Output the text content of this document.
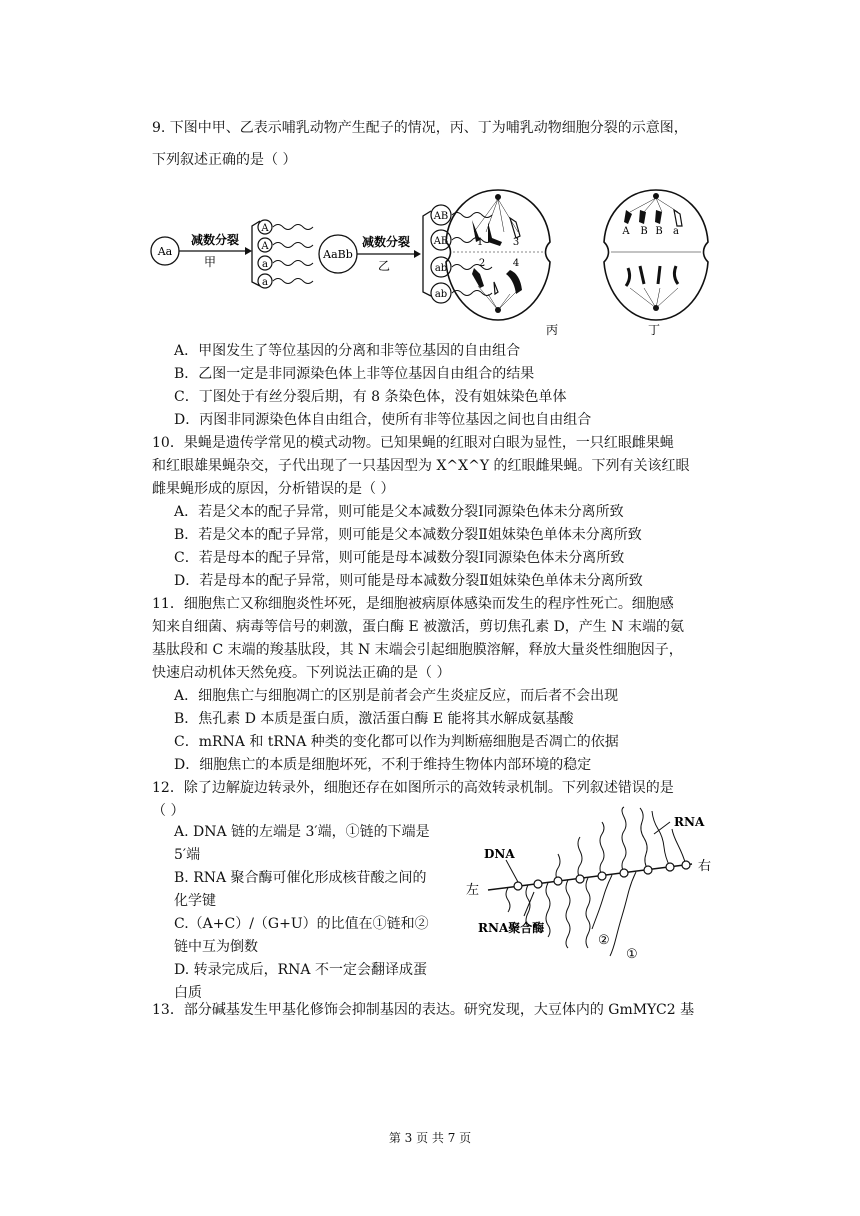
9. 下图中甲、乙表示哺乳动物产生配子的情况，丙、丁为哺乳动物细胞分裂的示意图，
下列叙述正确的是（ ）
Aa
减数分裂
甲
A
A
a
a
AaBb
减数分裂
乙
AB
AB
ab
ab
1	3
2	4
丙
A B B a
丁
A．甲图发生了等位基因的分离和非等位基因的自由组合
B．乙图一定是非同源染色体上非等位基因自由组合的结果
C．丁图处于有丝分裂后期，有 8 条染色体，没有姐妹染色单体
D．丙图非同源染色体自由组合，使所有非等位基因之间也自由组合
10．果蝇是遗传学常见的模式动物。已知果蝇的红眼对白眼为显性，一只红眼雌果蝇
和红眼雄果蝇杂交，子代出现了一只基因型为 X^X^Y 的红眼雌果蝇。下列有关该红眼
雌果蝇形成的原因，分析错误的是（ ）
A．若是父本的配子异常，则可能是父本减数分裂Ⅰ同源染色体未分离所致
B．若是父本的配子异常，则可能是父本减数分裂Ⅱ姐妹染色单体未分离所致
C．若是母本的配子异常，则可能是母本减数分裂Ⅰ同源染色体未分离所致
D．若是母本的配子异常，则可能是母本减数分裂Ⅱ姐妹染色单体未分离所致
11．细胞焦亡又称细胞炎性坏死，是细胞被病原体感染而发生的程序性死亡。细胞感
知来自细菌、病毒等信号的刺激，蛋白酶 E 被激活，剪切焦孔素 D，产生 N 末端的氨
基肽段和 C 末端的羧基肽段，其 N 末端会引起细胞膜溶解，释放大量炎性细胞因子，
快速启动机体天然免疫。下列说法正确的是（ ）
A．细胞焦亡与细胞凋亡的区别是前者会产生炎症反应，而后者不会出现
B．焦孔素 D 本质是蛋白质，激活蛋白酶 E 能将其水解成氨基酸
C．mRNA 和 tRNA 种类的变化都可以作为判断癌细胞是否凋亡的依据
D．细胞焦亡的本质是细胞坏死，不利于维持生物体内部环境的稳定
12．除了边解旋边转录外，细胞还存在如图所示的高效转录机制。下列叙述错误的是
（ ）
A. DNA 链的左端是 3′端，①链的下端是
5′端
B. RNA 聚合酶可催化形成核苷酸之间的
化学键
C.（A+C）/（G+U）的比值在①链和②
链中互为倒数
D. 转录完成后，RNA 不一定会翻译成蛋
白质
RNA
DNA
左
右
RNA聚合酶
②
①
13．部分碱基发生甲基化修饰会抑制基因的表达。研究发现，大豆体内的 GmMYC2 基
第 3 页 共 7 页
